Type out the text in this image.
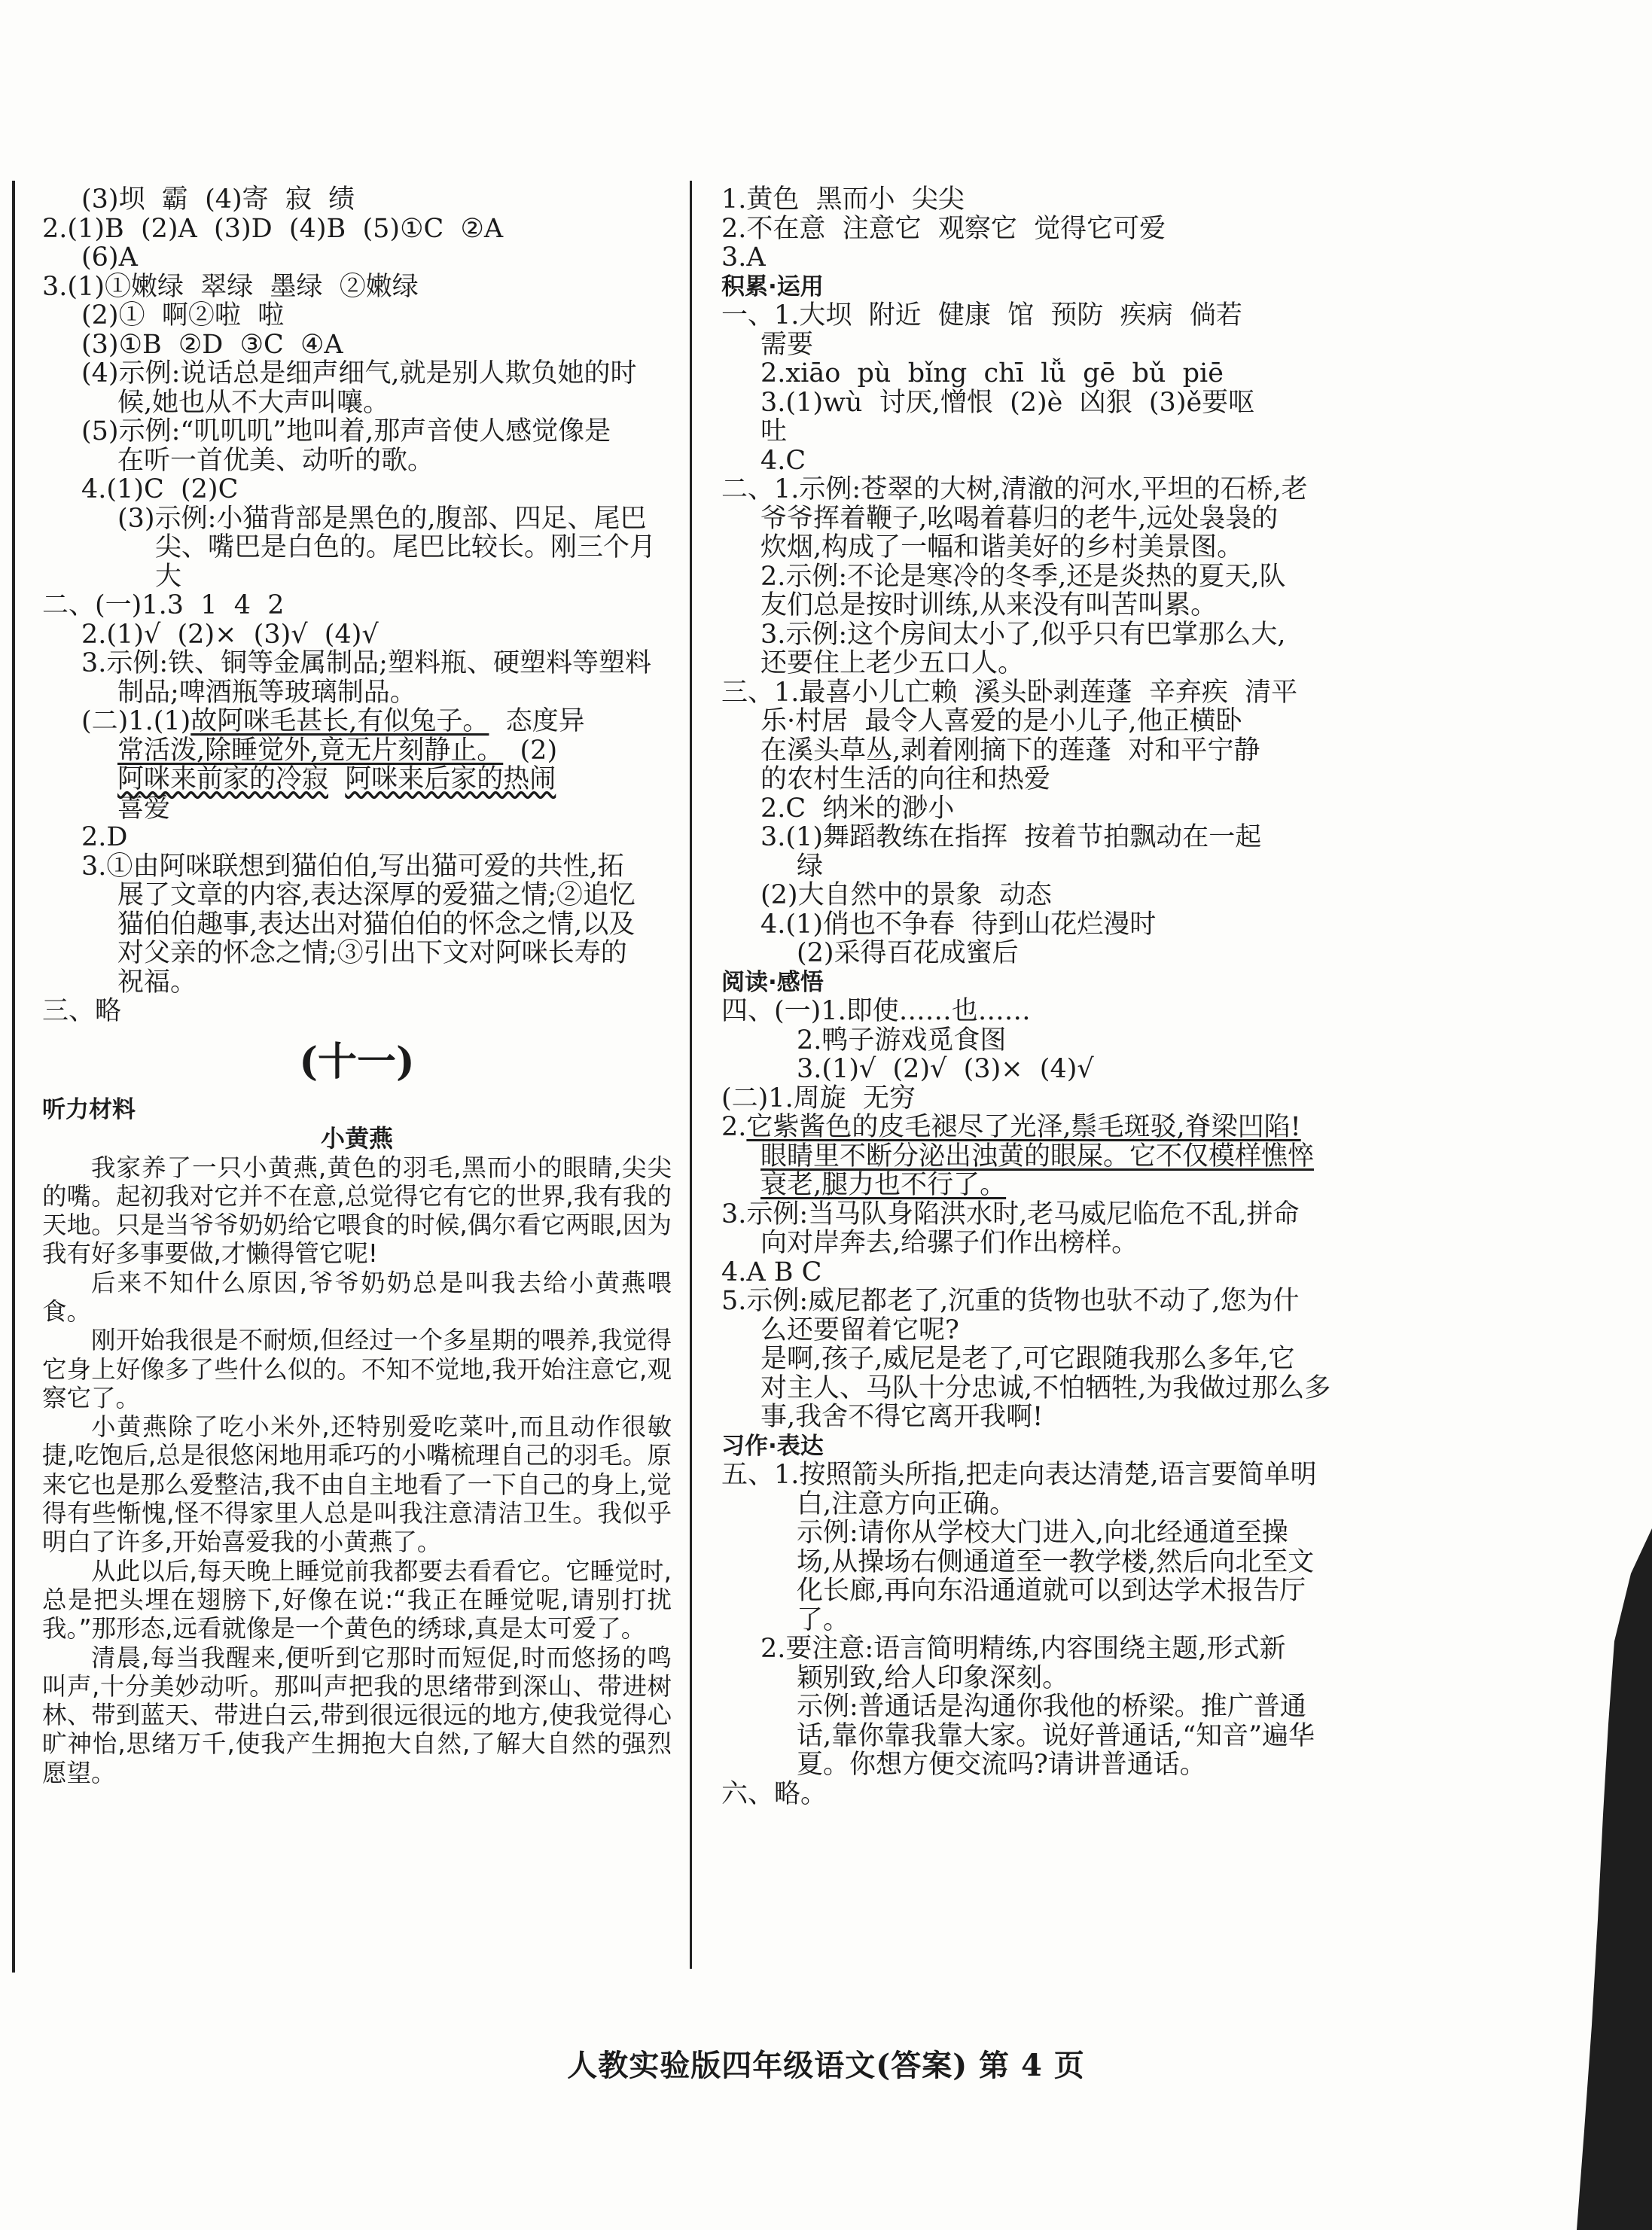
(3)坝  霸  (4)寄  寂  绩
2.(1)B  (2)A  (3)D  (4)B  (5)①C  ②A
(6)A
3.(1)①嫩绿  翠绿  墨绿  ②嫩绿
(2)①  啊②啦  啦
(3)①B  ②D  ③C  ④A
(4)示例:说话总是细声细气,就是别人欺负她的时
候,她也从不大声叫嚷。
(5)示例:“叽叽叽”地叫着,那声音使人感觉像是
在听一首优美、动听的歌。
4.(1)C  (2)C
(3)示例:小猫背部是黑色的,腹部、四足、尾巴
尖、嘴巴是白色的。尾巴比较长。刚三个月
大
二、(一)1.3  1  4  2
2.(1)√  (2)×  (3)√  (4)√
3.示例:铁、铜等金属制品;塑料瓶、硬塑料等塑料
制品;啤酒瓶等玻璃制品。
(二)1.(1)故阿咪毛甚长,有似兔子。 态度异
常活泼,除睡觉外,竟无片刻静止。 (2)
阿咪来前家的冷寂 阿咪来后家的热闹
喜爱
2.D
3.①由阿咪联想到猫伯伯,写出猫可爱的共性,拓
展了文章的内容,表达深厚的爱猫之情;②追忆
猫伯伯趣事,表达出对猫伯伯的怀念之情,以及
对父亲的怀念之情;③引出下文对阿咪长寿的
祝福。
三、略
(十一)
听力材料
小黄燕

我家养了一只小黄燕,黄色的羽毛,黑而小的眼睛,尖尖的嘴。起初我对它并不在意,总觉得它有它的世界,我有我的天地。只是当爷爷奶奶给它喂食的时候,偶尔看它两眼,因为我有好多事要做,才懒得管它呢!

后来不知什么原因,爷爷奶奶总是叫我去给小黄燕喂食。

刚开始我很是不耐烦,但经过一个多星期的喂养,我觉得它身上好像多了些什么似的。不知不觉地,我开始注意它,观察它了。

小黄燕除了吃小米外,还特别爱吃菜叶,而且动作很敏捷,吃饱后,总是很悠闲地用乖巧的小嘴梳理自己的羽毛。原来它也是那么爱整洁,我不由自主地看了一下自己的身上,觉得有些惭愧,怪不得家里人总是叫我注意清洁卫生。我似乎明白了许多,开始喜爱我的小黄燕了。

从此以后,每天晚上睡觉前我都要去看看它。它睡觉时,总是把头埋在翅膀下,好像在说:“我正在睡觉呢,请别打扰我。”那形态,远看就像是一个黄色的绣球,真是太可爱了。

清晨,每当我醒来,便听到它那时而短促,时而悠扬的鸣叫声,十分美妙动听。那叫声把我的思绪带到深山、带进树林、带到蓝天、带进白云,带到很远很远的地方,使我觉得心旷神怡,思绪万千,使我产生拥抱大自然,了解大自然的强烈愿望。

1.黄色  黑而小  尖尖
2.不在意  注意它  观察它  觉得它可爱
3.A
积累·运用
一、1.大坝  附近  健康  馆  预防  疾病  倘若
需要
2.xiāo  pù  bǐng  chī  lǚ  gē  bǔ  piē
3.(1)wù  讨厌,憎恨  (2)è  凶狠  (3)ě要呕
吐
4.C
二、1.示例:苍翠的大树,清澈的河水,平坦的石桥,老
爷爷挥着鞭子,吆喝着暮归的老牛,远处袅袅的
炊烟,构成了一幅和谐美好的乡村美景图。
2.示例:不论是寒冷的冬季,还是炎热的夏天,队
友们总是按时训练,从来没有叫苦叫累。
3.示例:这个房间太小了,似乎只有巴掌那么大,
还要住上老少五口人。
三、1.最喜小儿亡赖  溪头卧剥莲蓬  辛弃疾  清平
乐·村居  最令人喜爱的是小儿子,他正横卧
在溪头草丛,剥着刚摘下的莲蓬  对和平宁静
的农村生活的向往和热爱
2.C  纳米的渺小
3.(1)舞蹈教练在指挥  按着节拍飘动在一起
绿
(2)大自然中的景象  动态
4.(1)俏也不争春  待到山花烂漫时
(2)采得百花成蜜后
阅读·感悟
四、(一)1.即使……也……
2.鸭子游戏觅食图
3.(1)√  (2)√  (3)×  (4)√
(二)1.周旋  无穷
2.它紫酱色的皮毛褪尽了光泽,鬃毛斑驳,脊梁凹陷!
眼睛里不断分泌出浊黄的眼屎。它不仅模样憔悴
衰老,腿力也不行了。
3.示例:当马队身陷洪水时,老马威尼临危不乱,拼命
向对岸奔去,给骡子们作出榜样。
4.A B C
5.示例:威尼都老了,沉重的货物也驮不动了,您为什
么还要留着它呢?
是啊,孩子,威尼是老了,可它跟随我那么多年,它
对主人、马队十分忠诚,不怕牺牲,为我做过那么多
事,我舍不得它离开我啊!
习作·表达
五、1.按照箭头所指,把走向表达清楚,语言要简单明
白,注意方向正确。
示例:请你从学校大门进入,向北经通道至操
场,从操场右侧通道至一教学楼,然后向北至文
化长廊,再向东沿通道就可以到达学术报告厅
了。
2.要注意:语言简明精练,内容围绕主题,形式新
颖别致,给人印象深刻。
示例:普通话是沟通你我他的桥梁。推广普通
话,靠你靠我靠大家。说好普通话,“知音”遍华
夏。你想方便交流吗?请讲普通话。
六、略。
人教实验版四年级语文(答案) 第 4 页
